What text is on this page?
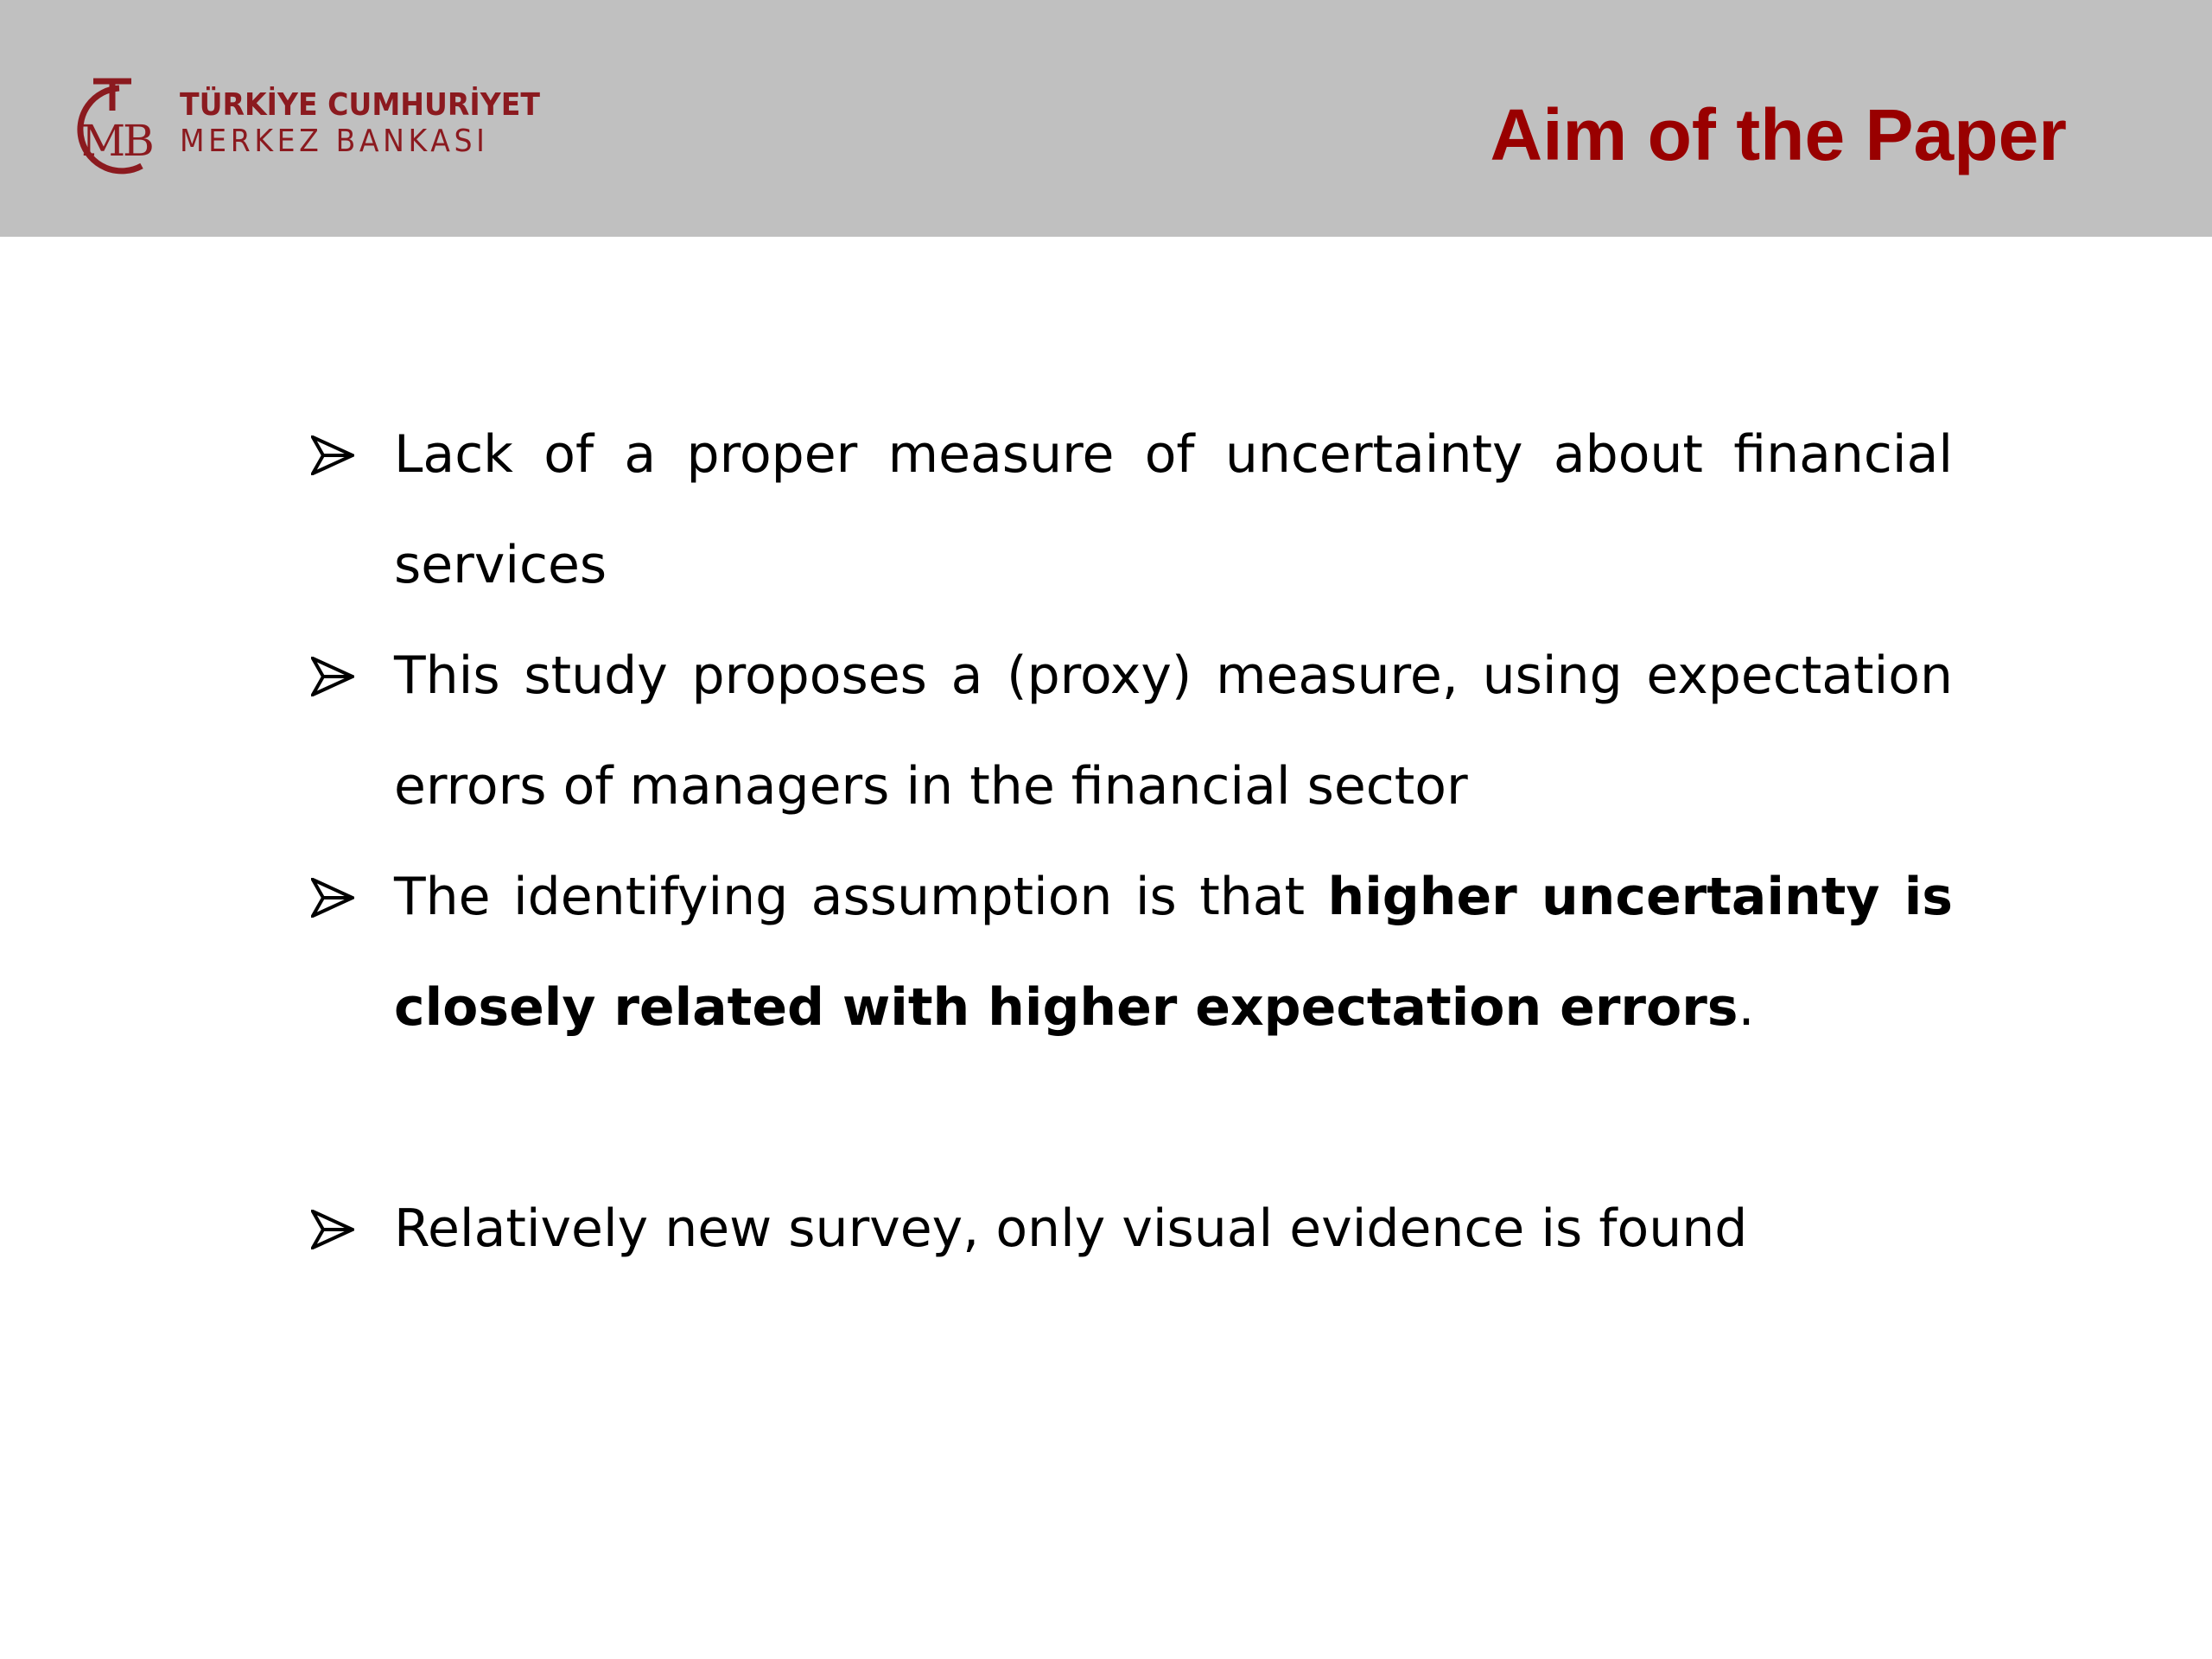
M
B
TÜRKİYE CUMHURİYET
MERKEZ BANKASI	Aim of the Paper
Lack of a proper measure of uncertainty about financial services
This study proposes a (proxy) measure, using expectation errors of managers in the financial sector
The identifying assumption is that higher uncertainty is closely related with higher expectation errors.
Relatively new survey, only visual evidence is found
